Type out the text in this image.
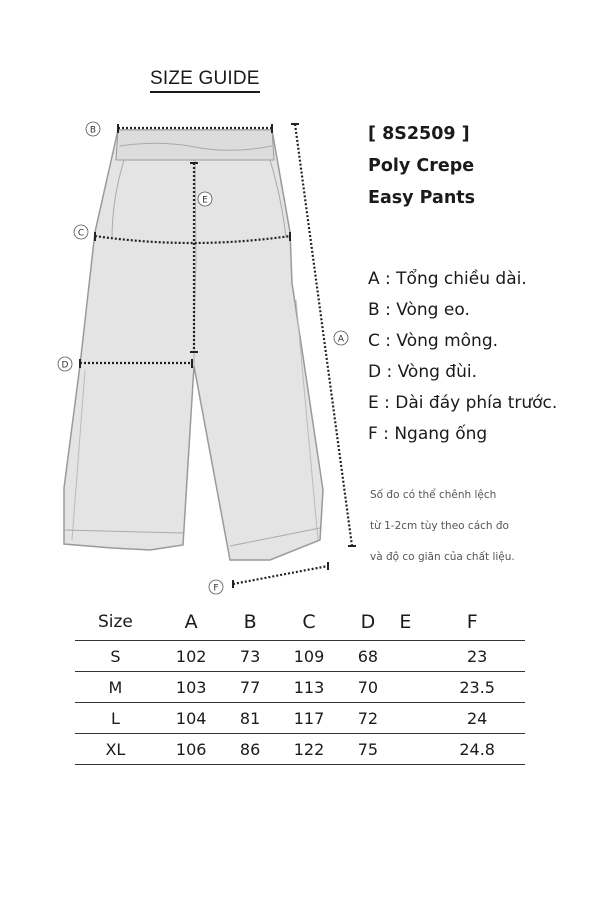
SIZE GUIDE
B
E
C
A
D
F
[ 8S2509 ]
Poly Crepe
Easy Pants
A : Tổng chiều dài.
B : Vòng eo.
C : Vòng mông.
D : Vòng đùi.
E : Dài đáy phía trước.
F : Ngang ống
Số đo có thể chênh lệch
từ 1-2cm tùy theo cách đo
và độ co giãn của chất liệu.
Size	A	B	C	D	E	F
S	102	73	109	68		23
M	103	77	113	70		23.5
L	104	81	117	72		24
XL	106	86	122	75		24.8
